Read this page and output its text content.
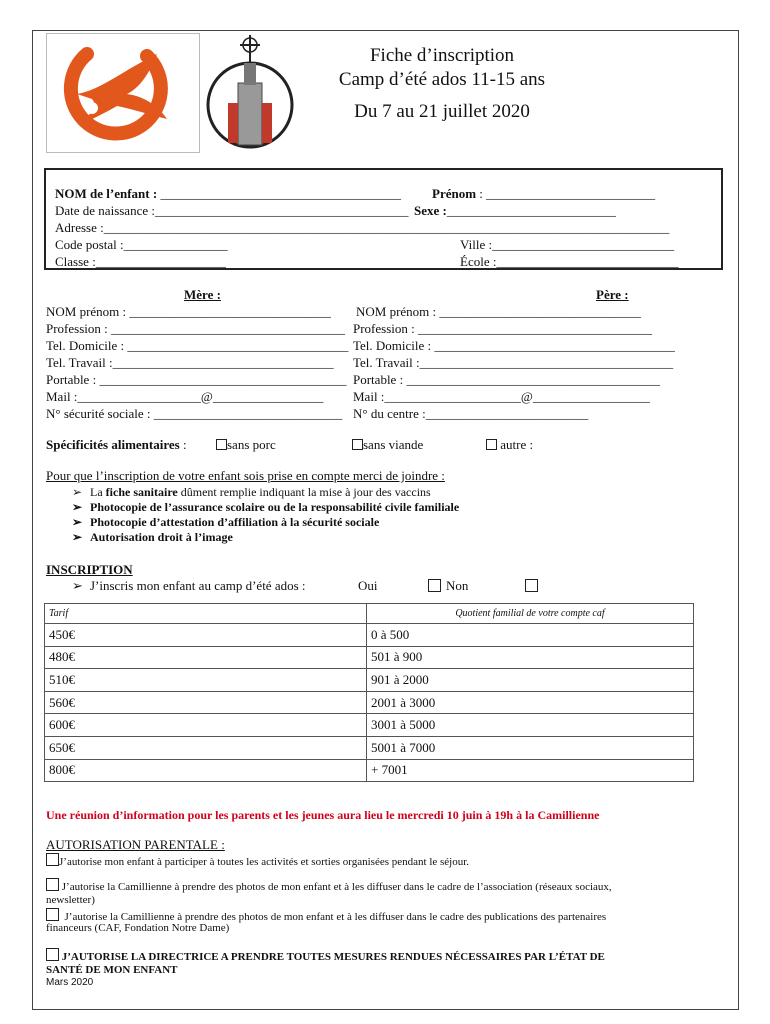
Fiche d’inscription
Camp d’été ados 11-15 ans
Du 7 au 21 juillet 2020
NOM de l’enfant : _____________________________________ Prénom : __________________________
Date de naissance :_______________________________________ Sexe :__________________________
Adresse :_______________________________________________________________________________________
Code postal :________________	Ville :____________________________
Classe :____________________	École :____________________________
Mère :	Père :
NOM prénom : _______________________________ NOM prénom : _______________________________
Profession : ____________________________________ Profession : ____________________________________
Tel. Domicile : __________________________________ Tel. Domicile : _____________________________________
Tel. Travail :__________________________________ Tel. Travail :_______________________________________
Portable : ______________________________________ Portable : _______________________________________
Mail :___________________@_________________ Mail :_____________________@__________________
N° sécurité sociale : _____________________________ N° du centre :_________________________
Spécificités alimentaires :	sans porc	sans viande	autre :
Pour que l’inscription de votre enfant sois prise en compte merci de joindre :
➢ La fiche sanitaire dûment remplie indiquant la mise à jour des vaccins
➢ Photocopie de l’assurance scolaire ou de la responsabilité civile familiale
➢ Photocopie d’attestation d’affiliation à la sécurité sociale
➢ Autorisation droit à l’image
INSCRIPTION
➢ J’inscris mon enfant au camp d’été ados :	Oui	Non
Tarif	Quotient familial de votre compte caf
450€	0 à 500
480€	501 à 900
510€	901 à 2000
560€	2001 à 3000
600€	3001 à 5000
650€	5001 à 7000
800€	+ 7001
Une réunion d’information pour les parents et les jeunes aura lieu le mercredi 10 juin à 19h à la Camillienne
AUTORISATION PARENTALE :
J’autorise mon enfant à participer à toutes les activités et sorties organisées pendant le séjour.
J’autorise la Camillienne à prendre des photos de mon enfant et à les diffuser dans le cadre de l’association (réseaux sociaux,
newsletter)
J’autorise la Camillienne à prendre des photos de mon enfant et à les diffuser dans le cadre des publications des partenaires
financeurs (CAF, Fondation Notre Dame)
J’AUTORISE LA DIRECTRICE A PRENDRE TOUTES MESURES RENDUES NÉCESSAIRES PAR L’ÉTAT DE
SANTÉ DE MON ENFANT
Mars 2020
